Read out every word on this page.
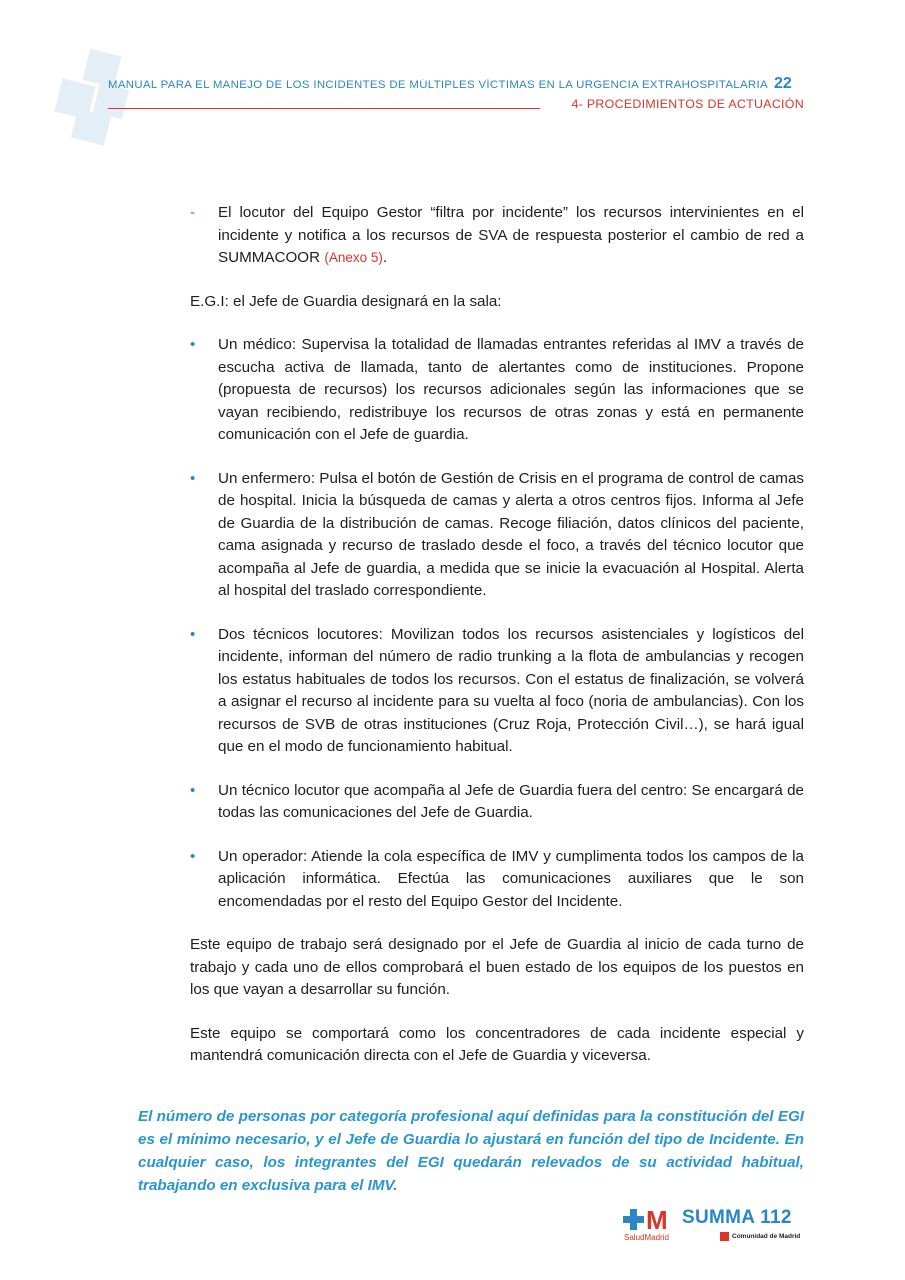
MANUAL PARA EL MANEJO DE LOS INCIDENTES DE MÚLTIPLES VÍCTIMAS EN LA URGENCIA EXTRAHOSPITALARIA 22
4- PROCEDIMIENTOS DE ACTUACIÓN
- El locutor del Equipo Gestor “filtra por incidente” los recursos intervinientes en el incidente y notifica a los recursos de SVA de respuesta posterior el cambio de red a SUMMACOOR (Anexo 5).

E.G.I: el Jefe de Guardia designará en la sala:

• Un médico: Supervisa la totalidad de llamadas entrantes referidas al IMV a través de escucha activa de llamada, tanto de alertantes como de instituciones. Propone (propuesta de recursos) los recursos adicionales según las informaciones que se vayan recibiendo, redistribuye los recursos de otras zonas y está en permanente comunicación con el Jefe de guardia.
• Un enfermero: Pulsa el botón de Gestión de Crisis en el programa de control de camas de hospital. Inicia la búsqueda de camas y alerta a otros centros fijos. Informa al Jefe de Guardia de la distribución de camas. Recoge filiación, datos clínicos del paciente, cama asignada y recurso de traslado desde el foco, a través del técnico locutor que acompaña al Jefe de guardia, a medida que se inicie la evacuación al Hospital. Alerta al hospital del traslado correspondiente.
• Dos técnicos locutores: Movilizan todos los recursos asistenciales y logísticos del incidente, informan del número de radio trunking a la flota de ambulancias y recogen los estatus habituales de todos los recursos. Con el estatus de finalización, se volverá a asignar el recurso al incidente para su vuelta al foco (noria de ambulancias). Con los recursos de SVB de otras instituciones (Cruz Roja, Protección Civil…), se hará igual que en el modo de funcionamiento habitual.
• Un técnico locutor que acompaña al Jefe de Guardia fuera del centro: Se encargará de todas las comunicaciones del Jefe de Guardia.
• Un operador: Atiende la cola específica de IMV y cumplimenta todos los campos de la aplicación informática. Efectúa las comunicaciones auxiliares que le son encomendadas por el resto del Equipo Gestor del Incidente.

Este equipo de trabajo será designado por el Jefe de Guardia al inicio de cada turno de trabajo y cada uno de ellos comprobará el buen estado de los equipos de los puestos en los que vayan a desarrollar su función.

Este equipo se comportará como los concentradores de cada incidente especial y mantendrá comunicación directa con el Jefe de Guardia y viceversa.

El número de personas por categoría profesional aquí definidas para la constitución del EGI es el mínimo necesario, y el Jefe de Guardia lo ajustará en función del tipo de Incidente. En cualquier caso, los integrantes del EGI quedarán relevados de su actividad habitual, trabajando en exclusiva para el IMV.
M
SaludMadrid
SUMMA 112
Comunidad de Madrid
